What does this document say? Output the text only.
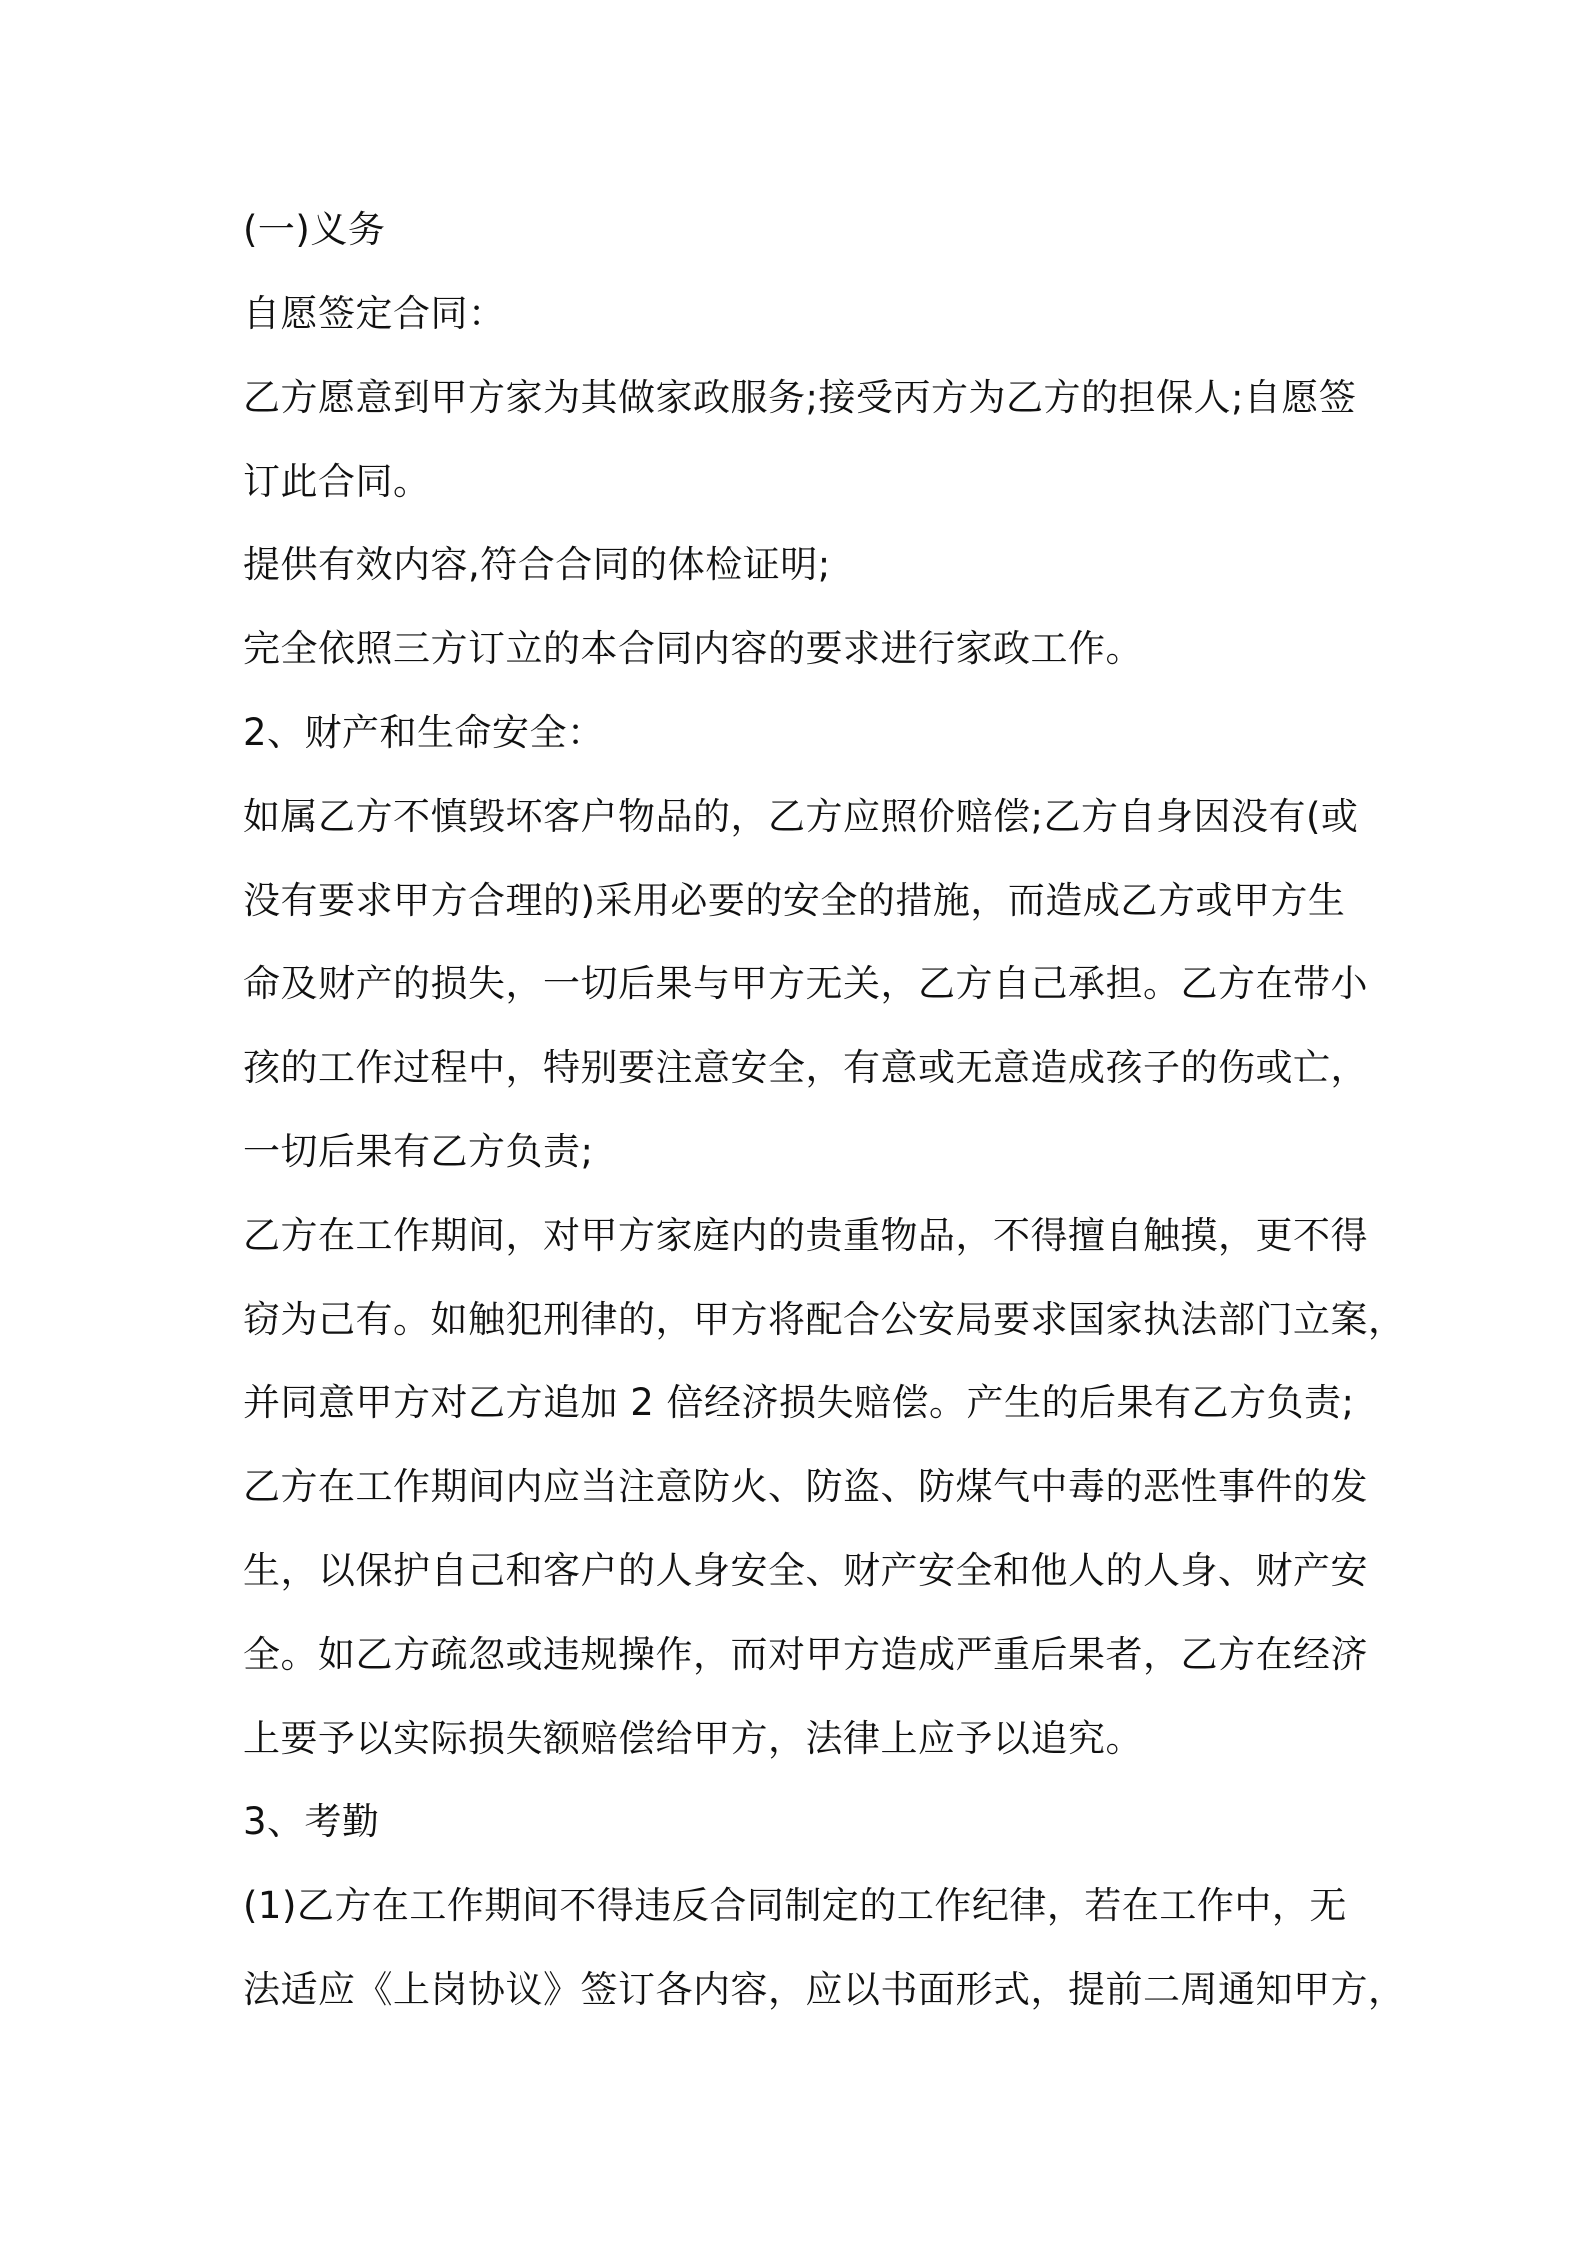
(一)义务

自愿签定合同：

乙方愿意到甲方家为其做家政服务;接受丙方为乙方的担保人;自愿签

订此合同。

提供有效内容,符合合同的体检证明;

完全依照三方订立的本合同内容的要求进行家政工作。

2、财产和生命安全：

如属乙方不慎毁坏客户物品的，乙方应照价赔偿;乙方自身因没有(或

没有要求甲方合理的)采用必要的安全的措施，而造成乙方或甲方生

命及财产的损失，一切后果与甲方无关，乙方自己承担。乙方在带小

孩的工作过程中，特别要注意安全，有意或无意造成孩子的伤或亡，

一切后果有乙方负责;

乙方在工作期间，对甲方家庭内的贵重物品，不得擅自触摸，更不得

窃为己有。如触犯刑律的，甲方将配合公安局要求国家执法部门立案，

并同意甲方对乙方追加 2 倍经济损失赔偿。产生的后果有乙方负责;

乙方在工作期间内应当注意防火、防盗、防煤气中毒的恶性事件的发

生，以保护自己和客户的人身安全、财产安全和他人的人身、财产安

全。如乙方疏忽或违规操作，而对甲方造成严重后果者，乙方在经济

上要予以实际损失额赔偿给甲方，法律上应予以追究。

3、考勤

(1)乙方在工作期间不得违反合同制定的工作纪律，若在工作中，无

法适应《上岗协议》签订各内容，应以书面形式，提前二周通知甲方，
